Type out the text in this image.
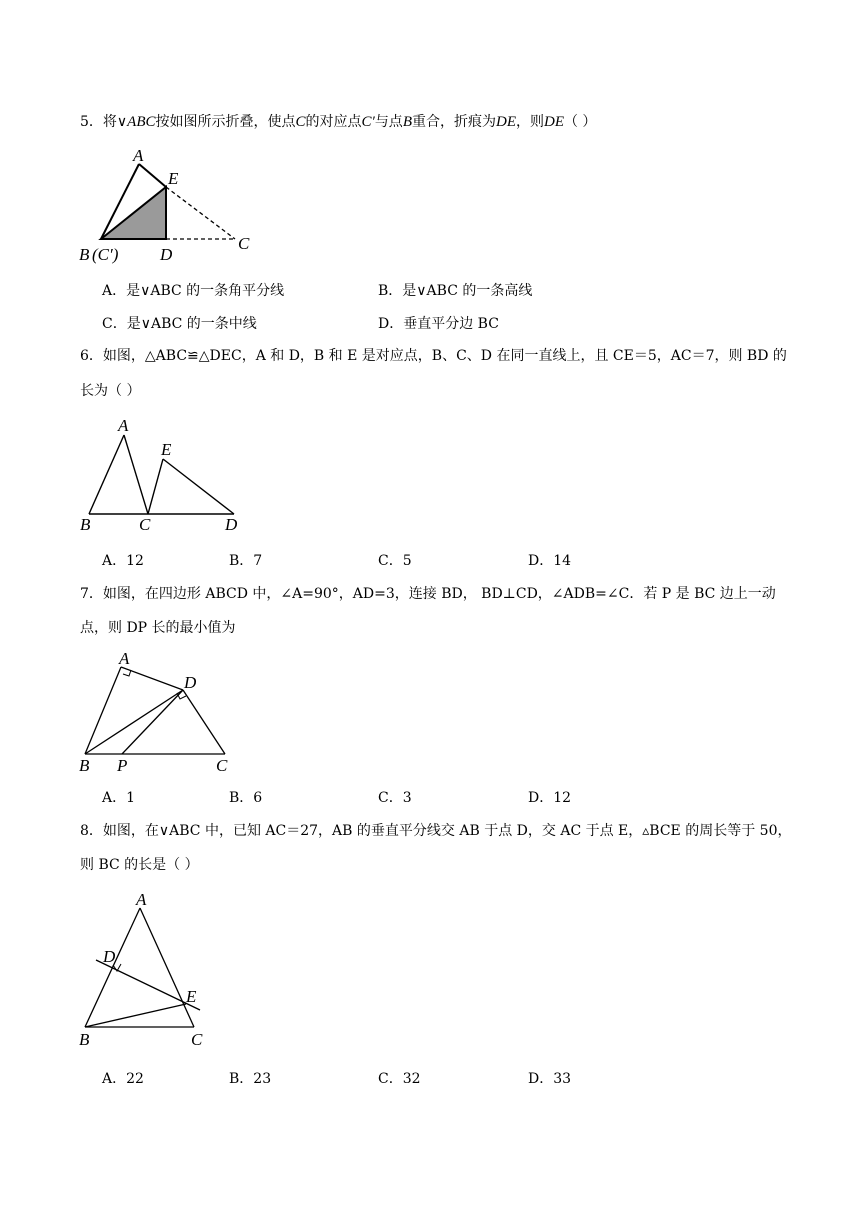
5．将∨ABC按如图所示折叠，使点C的对应点C′与点B重合，折痕为DE，则DE（ ）
A
E
B (C′) D
C
A
E
B	C	D
A
D
B P	C
A
D
E
B	C
A．是∨ABC 的一条角平分线	B．是∨ABC 的一条高线
C．是∨ABC 的一条中线	D．垂直平分边 BC
6．如图，△ABC≌△DEC，A 和 D，B 和 E 是对应点，B、C、D 在同一直线上，且 CE＝5，AC＝7，则 BD 的
长为（ ）
A．12	B．7	C．5	D．14
7．如图，在四边形 ABCD 中，∠A=90°，AD=3，连接 BD， BD⊥CD，∠ADB=∠C．若 P 是 BC 边上一动
点，则 DP 长的最小值为
A．1	B．6	C．3	D．12
8．如图，在∨ABC 中，已知 AC＝27，AB 的垂直平分线交 AB 于点 D，交 AC 于点 E，▵BCE 的周长等于 50，
则 BC 的长是（ ）
A．22	B．23	C．32	D．33
